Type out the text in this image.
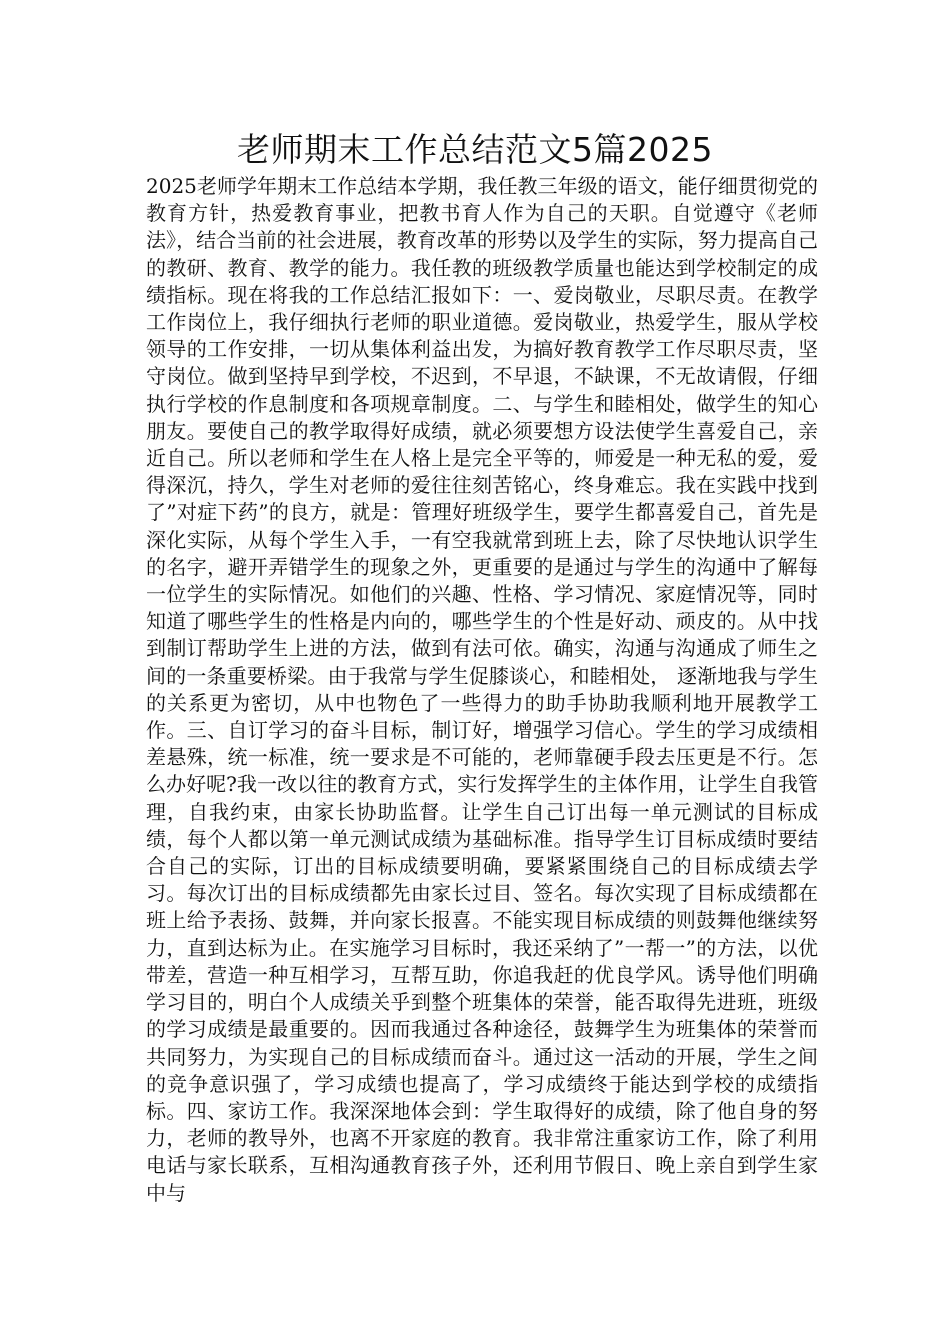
老师期末工作总结范文5篇2025

2025老师学年期末工作总结本学期，我任教三年级的语文，能仔细贯彻党的教育方针，热爱教育事业，把教书育人作为自己的天职。自觉遵守《老师法》，结合当前的社会进展，教育改革的形势以及学生的实际，努力提高自己的教研、教育、教学的能力。我任教的班级教学质量也能达到学校制定的成绩指标。现在将我的工作总结汇报如下：一、爱岗敬业，尽职尽责。在教学工作岗位上，我仔细执行老师的职业道德。爱岗敬业，热爱学生，服从学校领导的工作安排，一切从集体利益出发，为搞好教育教学工作尽职尽责，坚守岗位。做到坚持早到学校，不迟到，不早退，不缺课，不无故请假，仔细执行学校的作息制度和各项规章制度。二、与学生和睦相处，做学生的知心朋友。要使自己的教学取得好成绩，就必须要想方设法使学生喜爱自己，亲近自己。所以老师和学生在人格上是完全平等的，师爱是一种无私的爱，爱得深沉，持久，学生对老师的爱往往刻苦铭心，终身难忘。我在实践中找到了”对症下药”的良方，就是：管理好班级学生，要学生都喜爱自己，首先是深化实际，从每个学生入手，一有空我就常到班上去，除了尽快地认识学生的名字，避开弄错学生的现象之外，更重要的是通过与学生的沟通中了解每一位学生的实际情况。如他们的兴趣、性格、学习情况、家庭情况等，同时知道了哪些学生的性格是内向的，哪些学生的个性是好动、顽皮的。从中找到制订帮助学生上进的方法，做到有法可依。确实，沟通与沟通成了师生之间的一条重要桥梁。由于我常与学生促膝谈心，和睦相处， 逐渐地我与学生的关系更为密切，从中也物色了一些得力的助手协助我顺利地开展教学工作。三、自订学习的奋斗目标，制订好，增强学习信心。学生的学习成绩相差悬殊，统一标准，统一要求是不可能的，老师靠硬手段去压更是不行。怎么办好呢?我一改以往的教育方式，实行发挥学生的主体作用，让学生自我管理，自我约束，由家长协助监督。让学生自己订出每一单元测试的目标成绩，每个人都以第一单元测试成绩为基础标准。指导学生订目标成绩时要结合自己的实际，订出的目标成绩要明确，要紧紧围绕自己的目标成绩去学习。每次订出的目标成绩都先由家长过目、签名。每次实现了目标成绩都在班上给予表扬、鼓舞，并向家长报喜。不能实现目标成绩的则鼓舞他继续努力，直到达标为止。在实施学习目标时，我还采纳了”一帮一”的方法，以优带差，营造一种互相学习，互帮互助，你追我赶的优良学风。诱导他们明确学习目的，明白个人成绩关乎到整个班集体的荣誉，能否取得先进班，班级的学习成绩是最重要的。因而我通过各种途径，鼓舞学生为班集体的荣誉而共同努力，为实现自己的目标成绩而奋斗。通过这一活动的开展，学生之间的竞争意识强了，学习成绩也提高了，学习成绩终于能达到学校的成绩指标。四、家访工作。我深深地体会到：学生取得好的成绩，除了他自身的努力，老师的教导外，也离不开家庭的教育。我非常注重家访工作，除了利用电话与家长联系，互相沟通教育孩子外，还利用节假日、晚上亲自到学生家中与
